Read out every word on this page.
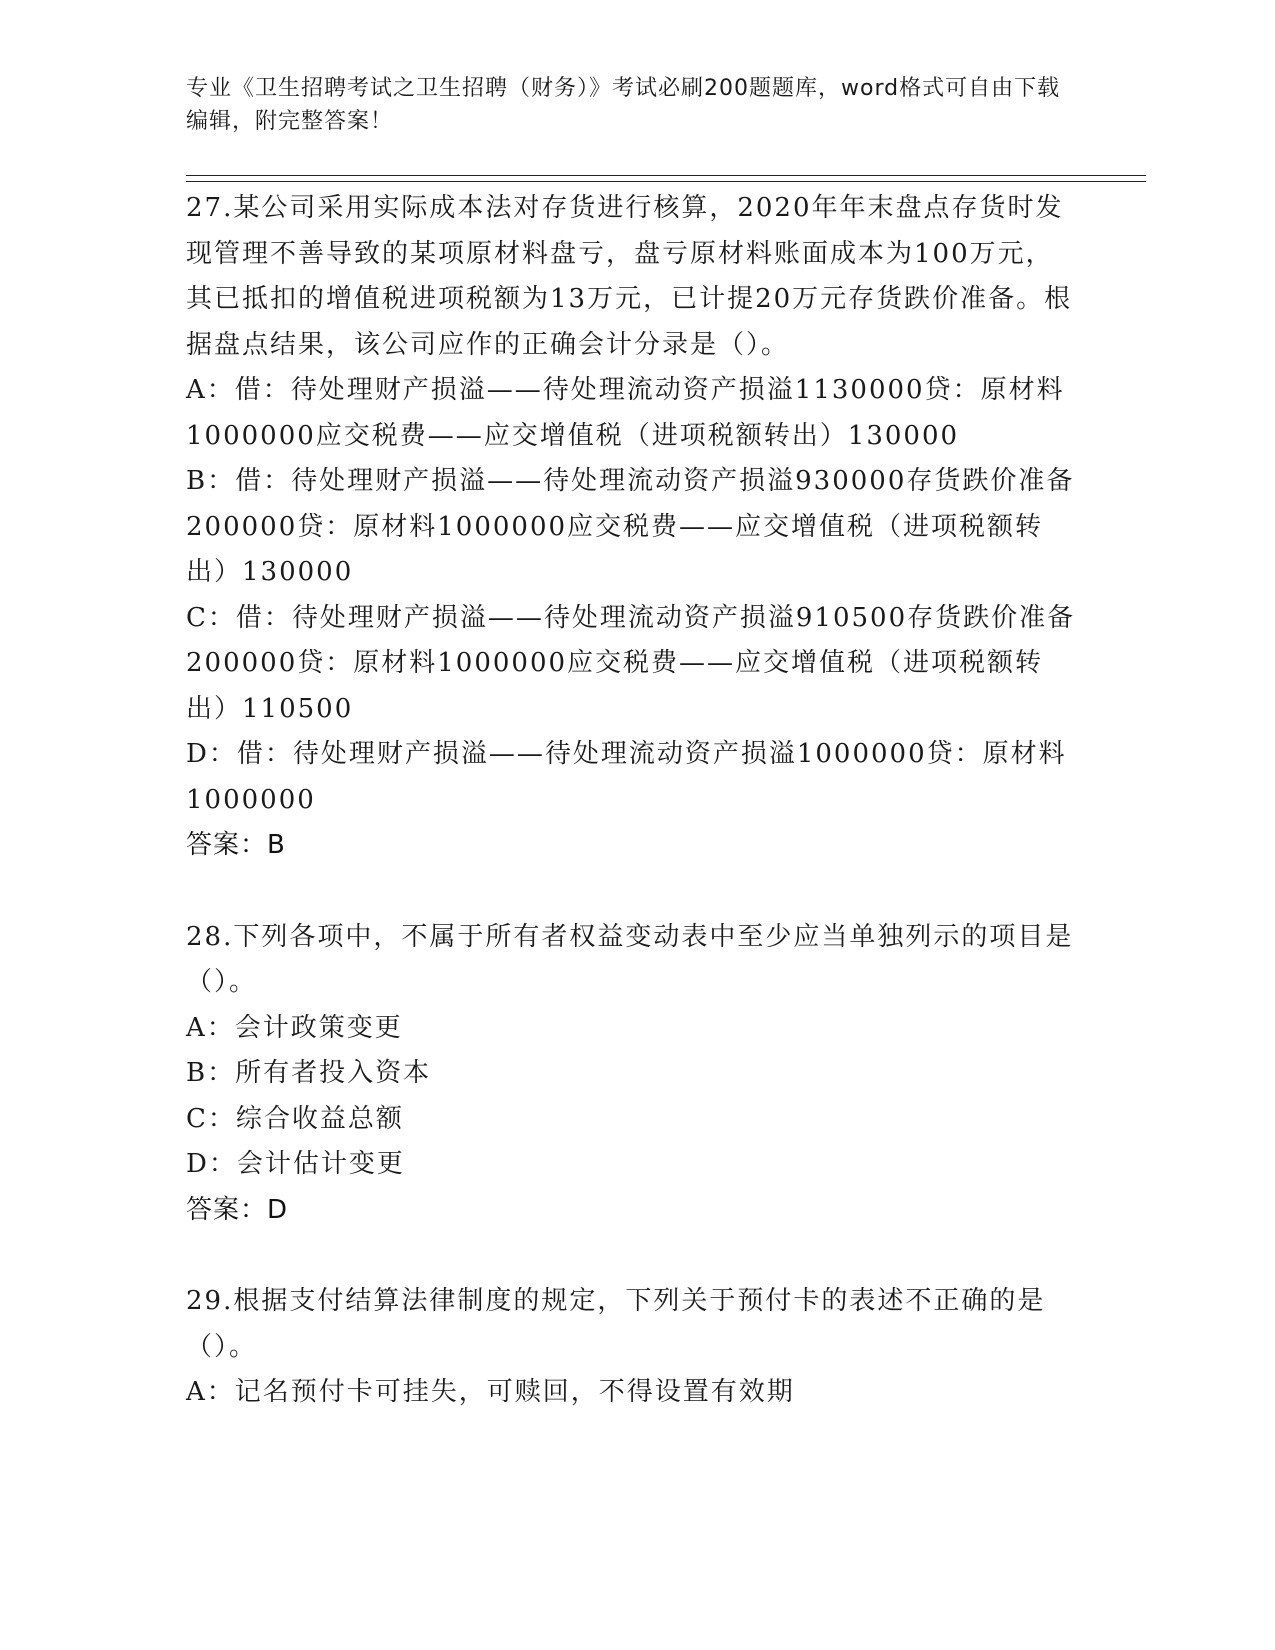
专业《卫生招聘考试之卫生招聘（财务）》考试必刷200题题库，word格式可自由下载编辑，附完整答案！

27.某公司采用实际成本法对存货进行核算，2020年年末盘点存货时发现管理不善导致的某项原材料盘亏，盘亏原材料账面成本为100万元，其已抵扣的增值税进项税额为13万元，已计提20万元存货跌价准备。根据盘点结果，该公司应作的正确会计分录是（）。

A：借：待处理财产损溢——待处理流动资产损溢1130000贷：原材料1000000应交税费——应交增值税（进项税额转出）130000

B：借：待处理财产损溢——待处理流动资产损溢930000存货跌价准备200000贷：原材料1000000应交税费——应交增值税（进项税额转出）130000

C：借：待处理财产损溢——待处理流动资产损溢910500存货跌价准备200000贷：原材料1000000应交税费——应交增值税（进项税额转出）110500

D：借：待处理财产损溢——待处理流动资产损溢1000000贷：原材料1000000

答案：B

28.下列各项中，不属于所有者权益变动表中至少应当单独列示的项目是（）。

A：会计政策变更

B：所有者投入资本

C：综合收益总额

D：会计估计变更

答案：D

29.根据支付结算法律制度的规定，下列关于预付卡的表述不正确的是（）。

A：记名预付卡可挂失，可赎回，不得设置有效期
